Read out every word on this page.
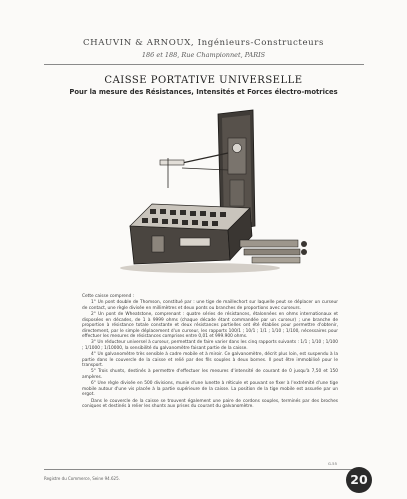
CHAUVIN & ARNOUX, Ingénieurs-Constructeurs
186 et 188, Rue Championnet, PARIS
CAISSE PORTATIVE UNIVERSELLE
Pour la mesure des Résistances, Intensités et Forces électro-motrices

Cette caisse comprend :

1° Un pont double de Thomson, constitué par : une tige de maillechort sur laquelle peut se déplacer un curseur de contact, une règle divisée en millimètres et deux ponts ou branches de proportions avec curseurs.

2° Un pont de Wheatstone, comprenant : quatre séries de résistances, étalonnées en ohms internationaux et disposées en décades, de 1 à 9999 ohms (chaque décade étant commandée par un curseur) ; une branche de proportion à résistance totale constante et deux résistances partielles ont été établies pour permettre d'obtenir, directement, par le simple déplacement d'un curseur, les rapports 100/1 ; 10/1 ; 1/1 ; 1/10 ; 1/100, nécessaires pour effectuer les mesures de résistances comprises entre 0,01 et 999.900 ohms.

3° Un réducteur universel à curseur, permettant de faire varier dans les cinq rapports suivants : 1/1 ; 1/10 ; 1/100 ; 1/1000 ; 1/10000, la sensibilité du galvanomètre faisant partie de la caisse.

4° Un galvanomètre très sensible à cadre mobile et à miroir. Ce galvanomètre, décrit plus loin, est suspendu à la partie dans le couvercle de la caisse et relié par des fils souples à deux bornes. Il peut être immobilisé pour le transport.

5° Trois shunts, destinés à permettre d'effectuer les mesures d'intensité de courant de 0 jusqu'à 7,50 et 150 ampères.

6° Une règle divisée en 500 divisions, munie d'une lunette à réticule et pouvant se fixer à l'extrémité d'une tige mobile autour d'une vis placée à la partie supérieure de la caisse. La position de la tige mobile est assurée par un ergot.

Dans le couvercle de la caisse se trouvent également une paire de cordons souples, terminés par des broches coniques et destinés à relier les shunts aux prises du courant du galvanomètre.

G.55
Registre du Commerce, Seine 94.625.	20
